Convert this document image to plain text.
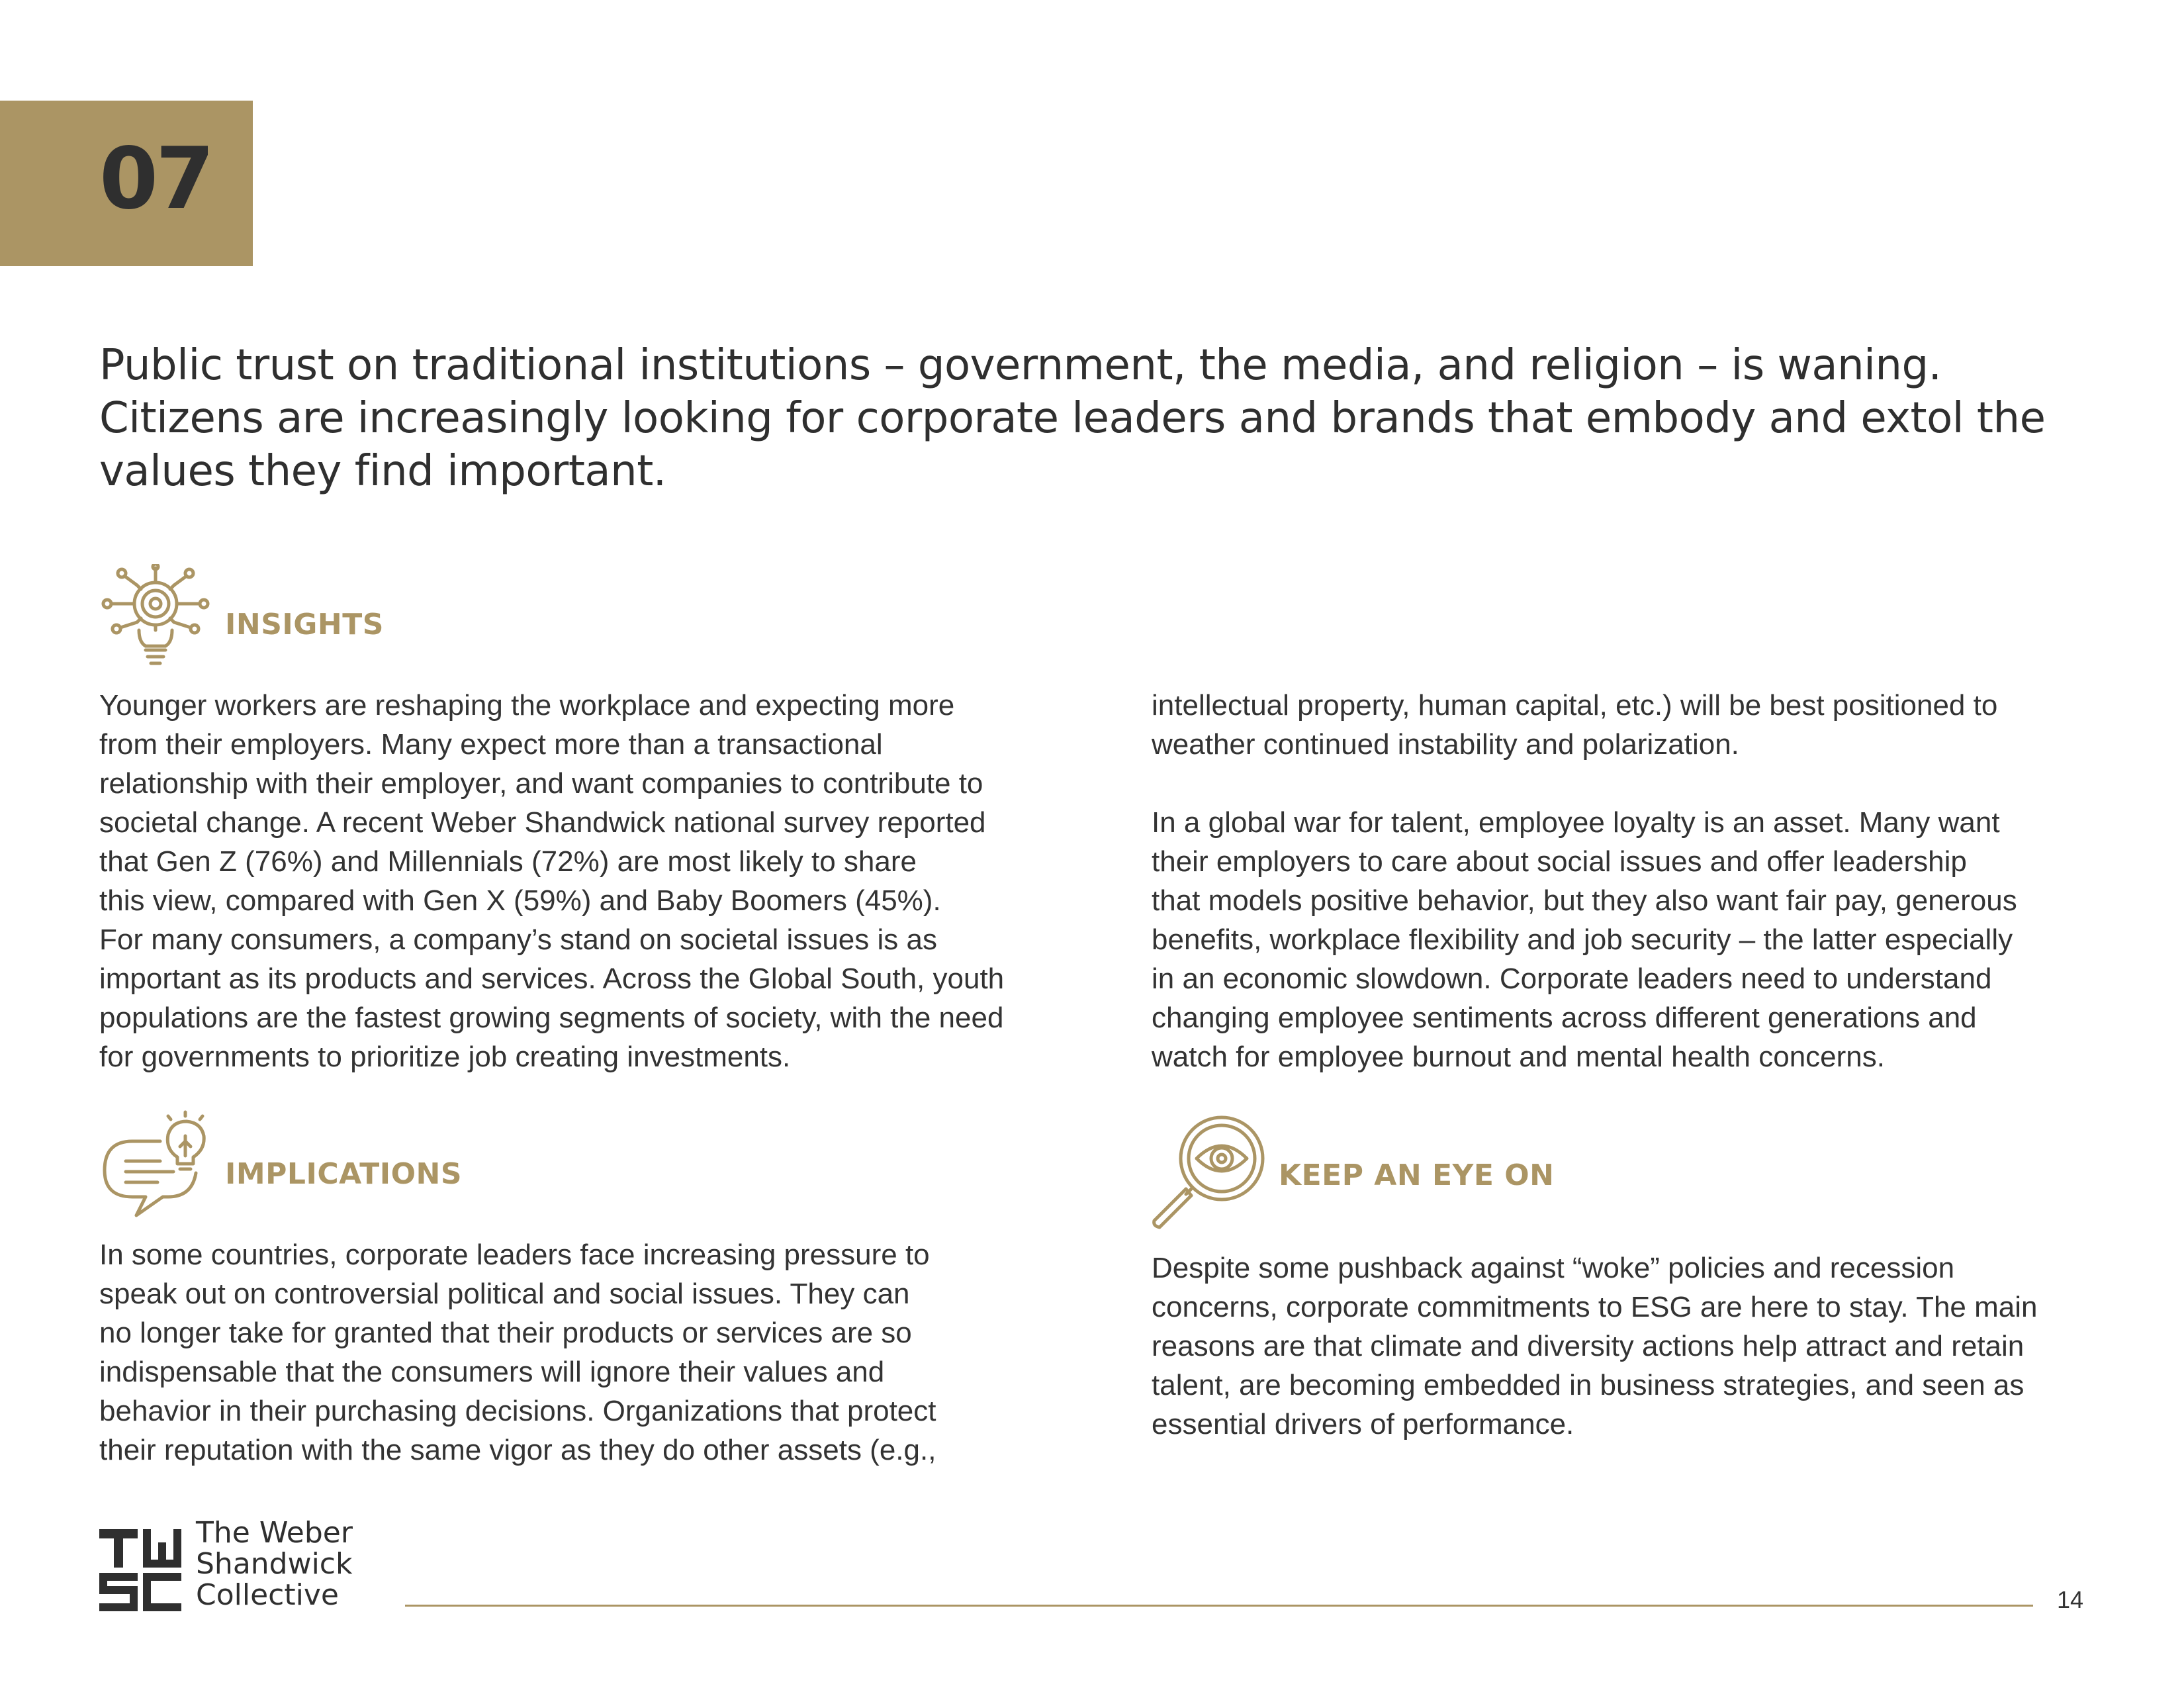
07
Public trust on traditional institutions – government, the media, and religion – is waning. Citizens are increasingly looking for corporate leaders and brands that embody and extol the values they find important.
INSIGHTS

Younger workers are reshaping the workplace and expecting more
from their employers. Many expect more than a transactional
relationship with their employer, and want companies to contribute to
societal change. A recent Weber Shandwick national survey reported
that Gen Z (76%) and Millennials (72%) are most likely to share
this view, compared with Gen X (59%) and Baby Boomers (45%).
For many consumers, a company’s stand on societal issues is as
important as its products and services. Across the Global South, youth
populations are the fastest growing segments of society, with the need
for governments to prioritize job creating investments.

intellectual property, human capital, etc.) will be best positioned to
weather continued instability and polarization.

In a global war for talent, employee loyalty is an asset. Many want
their employers to care about social issues and offer leadership
that models positive behavior, but they also want fair pay, generous
benefits, workplace flexibility and job security – the latter especially
in an economic slowdown. Corporate leaders need to understand
changing employee sentiments across different generations and
watch for employee burnout and mental health concerns.

IMPLICATIONS

In some countries, corporate leaders face increasing pressure to
speak out on controversial political and social issues. They can
no longer take for granted that their products or services are so
indispensable that the consumers will ignore their values and
behavior in their purchasing decisions. Organizations that protect
their reputation with the same vigor as they do other assets (e.g.,

KEEP AN EYE ON

Despite some pushback against “woke” policies and recession
concerns, corporate commitments to ESG are here to stay. The main
reasons are that climate and diversity actions help attract and retain
talent, are becoming embedded in business strategies, and seen as
essential drivers of performance.

The Weber
Shandwick
Collective	14
